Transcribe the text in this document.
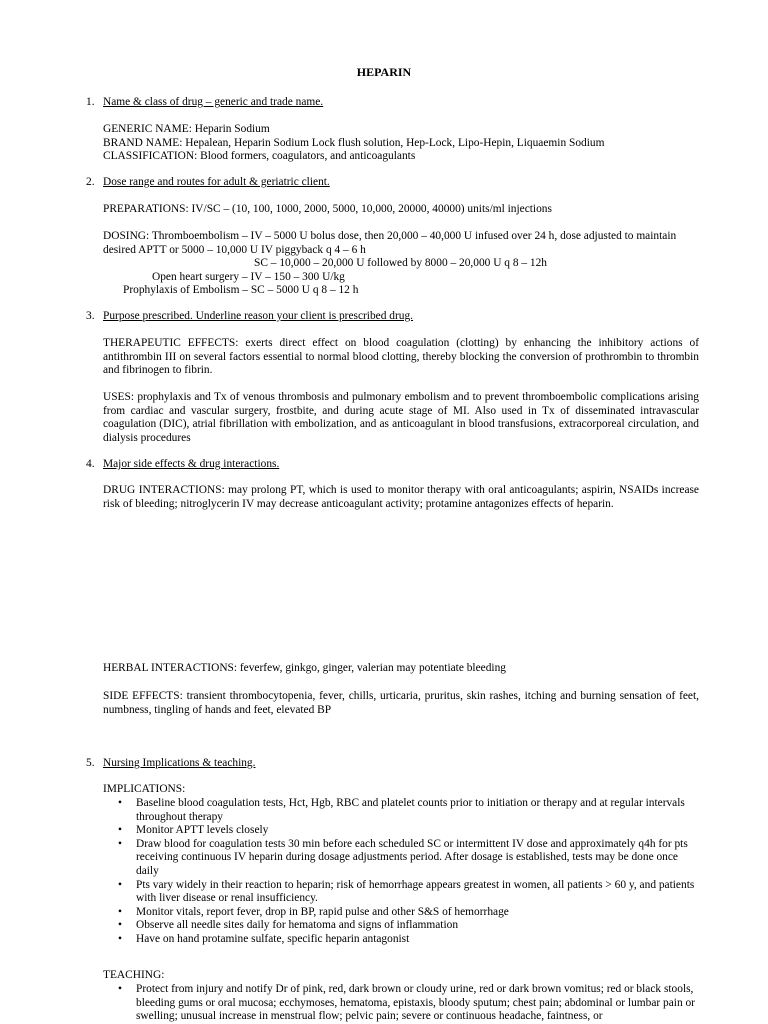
HEPARIN
1. Name & class of drug – generic and trade name.
GENERIC NAME: Heparin Sodium
BRAND NAME: Hepalean, Heparin Sodium Lock flush solution, Hep-Lock, Lipo-Hepin, Liquaemin Sodium
CLASSIFICATION: Blood formers, coagulators, and anticoagulants
2. Dose range and routes for adult & geriatric client.
PREPARATIONS: IV/SC – (10, 100, 1000, 2000, 5000, 10,000, 20000, 40000) units/ml injections
DOSING: Thromboembolism – IV – 5000 U bolus dose, then 20,000 – 40,000 U infused over 24 h, dose adjusted to maintain
desired APTT or 5000 – 10,000 U IV piggyback q 4 – 6 h
SC – 10,000 – 20,000 U followed by 8000 – 20,000 U q 8 – 12h
Open heart surgery – IV – 150 – 300 U/kg
Prophylaxis of Embolism – SC – 5000 U q 8 – 12 h
3. Purpose prescribed. Underline reason your client is prescribed drug.

THERAPEUTIC EFFECTS: exerts direct effect on blood coagulation (clotting) by enhancing the inhibitory actions of antithrombin III on several factors essential to normal blood clotting, thereby blocking the conversion of prothrombin to thrombin and fibrinogen to fibrin.

USES: prophylaxis and Tx of venous thrombosis and pulmonary embolism and to prevent thromboembolic complications arising from cardiac and vascular surgery, frostbite, and during acute stage of MI. Also used in Tx of disseminated intravascular coagulation (DIC), atrial fibrillation with embolization, and as anticoagulant in blood transfusions, extracorporeal circulation, and dialysis procedures

4. Major side effects & drug interactions.

DRUG INTERACTIONS: may prolong PT, which is used to monitor therapy with oral anticoagulants; aspirin, NSAIDs increase risk of bleeding; nitroglycerin IV may decrease anticoagulant activity; protamine antagonizes effects of heparin.

HERBAL INTERACTIONS: feverfew, ginkgo, ginger, valerian may potentiate bleeding

SIDE EFFECTS: transient thrombocytopenia, fever, chills, urticaria, pruritus, skin rashes, itching and burning sensation of feet, numbness, tingling of hands and feet, elevated BP

5. Nursing Implications & teaching.
IMPLICATIONS:
• Baseline blood coagulation tests, Hct, Hgb, RBC and platelet counts prior to initiation or therapy and at regular intervals throughout therapy
• Monitor APTT levels closely
• Draw blood for coagulation tests 30 min before each scheduled SC or intermittent IV dose and approximately q4h for pts receiving continuous IV heparin during dosage adjustments period. After dosage is established, tests may be done once daily
• Pts vary widely in their reaction to heparin; risk of hemorrhage appears greatest in women, all patients > 60 y, and patients with liver disease or renal insufficiency.
• Monitor vitals, report fever, drop in BP, rapid pulse and other S&S of hemorrhage
• Observe all needle sites daily for hematoma and signs of inflammation
• Have on hand protamine sulfate, specific heparin antagonist
TEACHING:
• Protect from injury and notify Dr of pink, red, dark brown or cloudy urine, red or dark brown vomitus; red or black stools, bleeding gums or oral mucosa; ecchymoses, hematoma, epistaxis, bloody sputum; chest pain; abdominal or lumbar pain or swelling; unusual increase in menstrual flow; pelvic pain; severe or continuous headache, faintness, or
